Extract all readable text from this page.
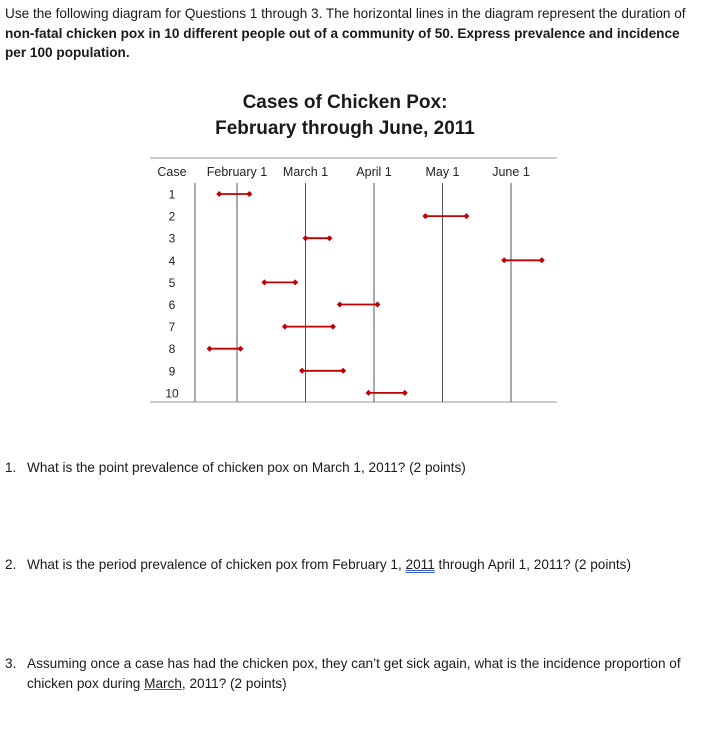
Use the following diagram for Questions 1 through 3. The horizontal lines in the diagram represent the duration of non-fatal chicken pox in 10 different people out of a community of 50. Express prevalence and incidence per 100 population.
Cases of Chicken Pox:
February through June, 2011
Case February 1 March 1 April 1	May 1	June 1
1
2
3
4
5
6
7
8
9
10
1. What is the point prevalence of chicken pox on March 1, 2011? (2 points)
2. What is the period prevalence of chicken pox from February 1, 2011 through April 1, 2011? (2 points)
3. Assuming once a case has had the chicken pox, they can’t get sick again, what is the incidence proportion of chicken pox during March, 2011? (2 points)
